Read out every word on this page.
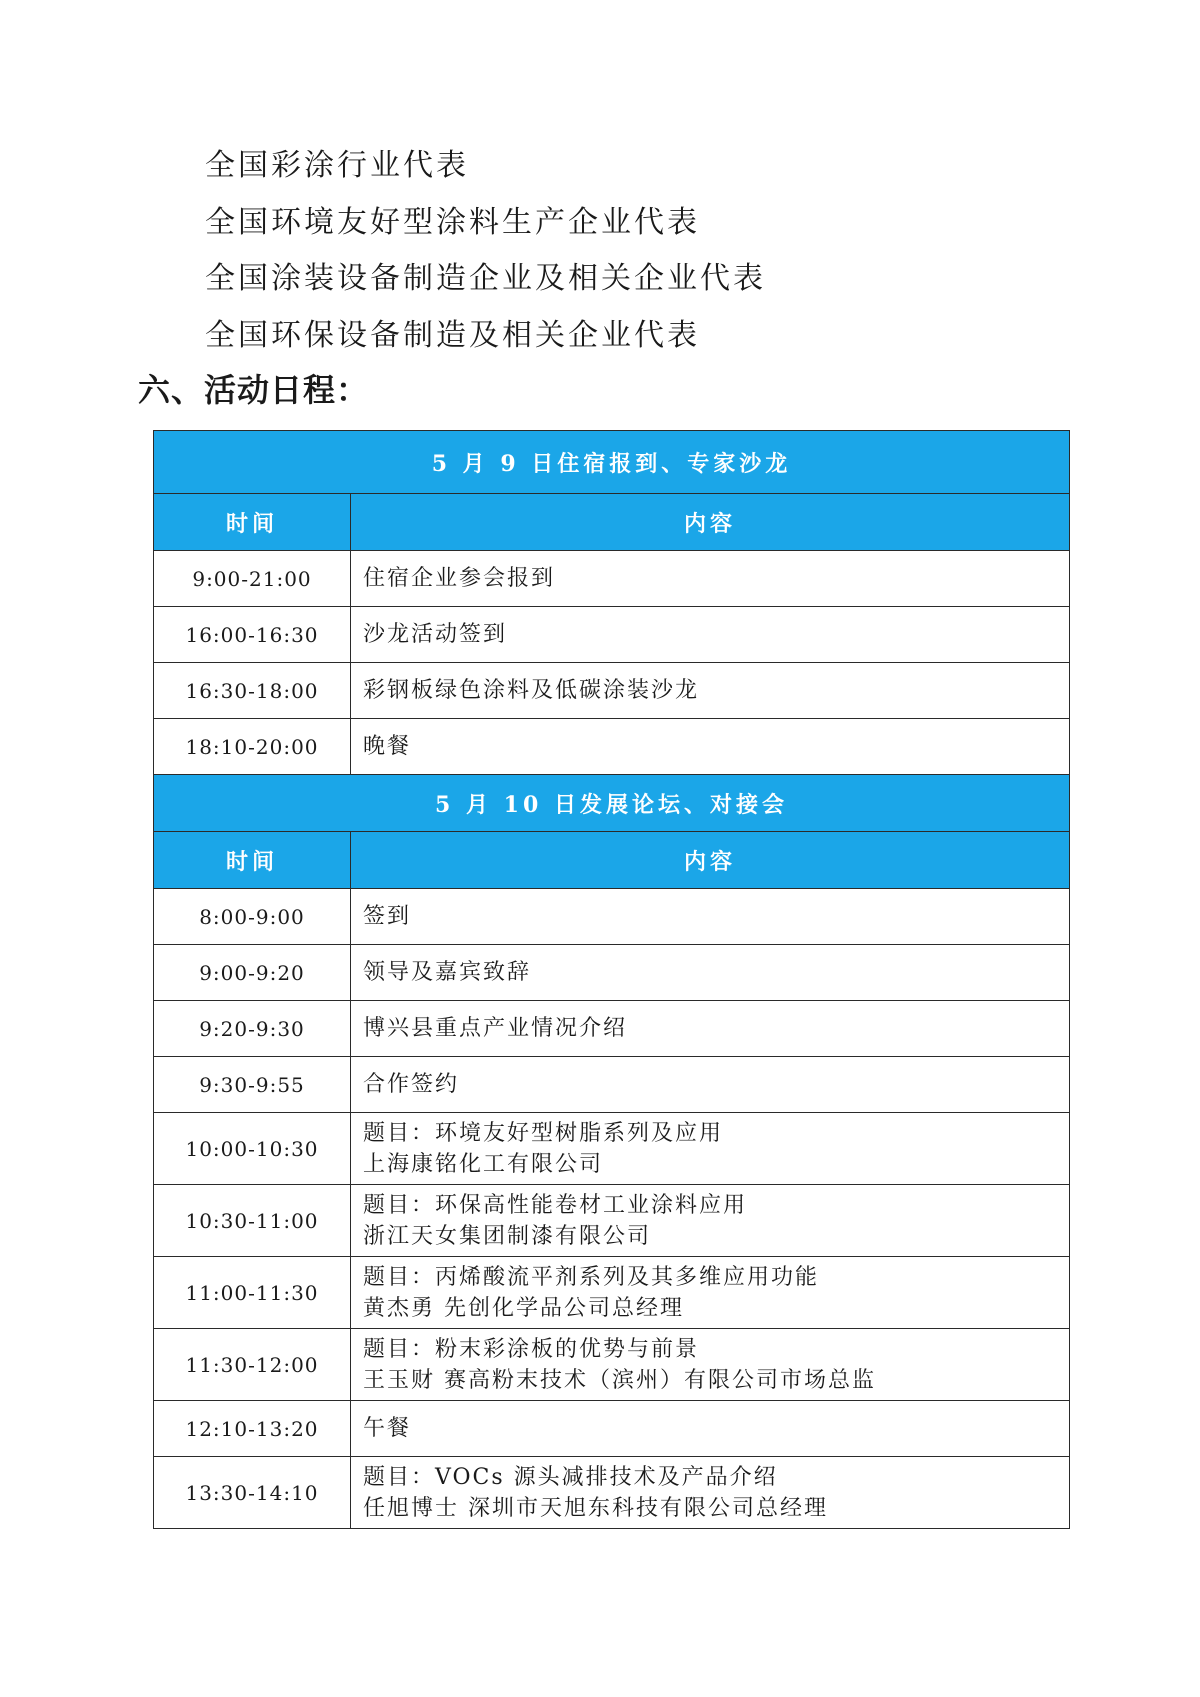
全国彩涂行业代表
全国环境友好型涂料生产企业代表
全国涂装设备制造企业及相关企业代表
全国环保设备制造及相关企业代表
六、活动日程：
5 月 9 日住宿报到、专家沙龙	
时间	内容
9:00-21:00	住宿企业参会报到

16:00-16:30	沙龙活动签到

16:30-18:00	彩钢板绿色涂料及低碳涂装沙龙

18:10-20:00	晚餐

5 月 10 日发展论坛、对接会	
时间	内容
8:00-9:00	签到

9:00-9:20	领导及嘉宾致辞

9:20-9:30	博兴县重点产业情况介绍

9:30-9:55	合作签约

10:00-10:30	题目：环境友好型树脂系列及应用
上海康铭化工有限公司

10:30-11:00	题目：环保高性能卷材工业涂料应用
浙江天女集团制漆有限公司

11:00-11:30	题目：丙烯酸流平剂系列及其多维应用功能
黄杰勇 先创化学品公司总经理

11:30-12:00	题目：粉末彩涂板的优势与前景
王玉财 赛高粉末技术（滨州）有限公司市场总监

12:10-13:20	午餐

13:30-14:10	题目：VOCs 源头减排技术及产品介绍
任旭博士 深圳市天旭东科技有限公司总经理
